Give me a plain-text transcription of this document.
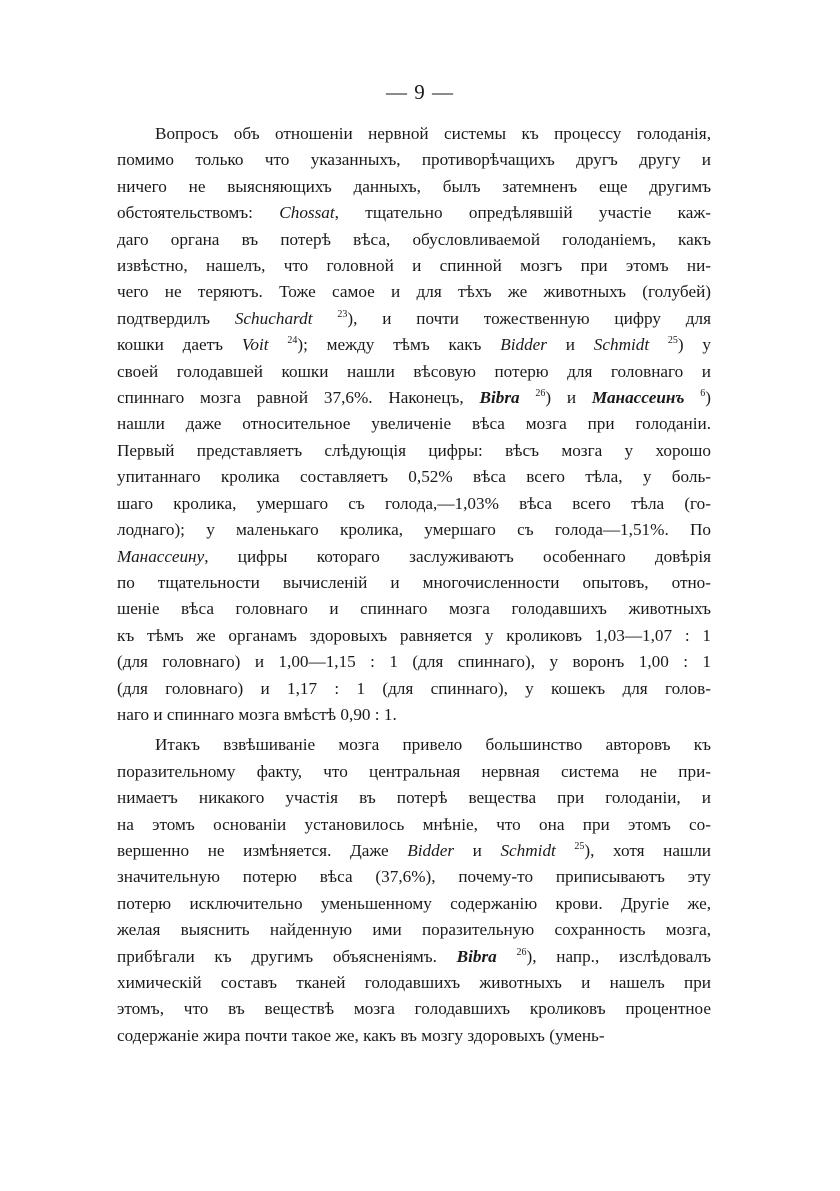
— 9 —

Вопросъ объ отношенiи нервной системы къ процессу голоданiя,
помимо только что указанныхъ, противорѣчащихъ другъ другу и
ничего не выясняющихъ данныхъ, былъ затемненъ еще другимъ
обстоятельствомъ: Chossat, тщательно опредѣлявшiй участiе каж-
даго органа въ потерѣ вѣса, обусловливаемой голоданiемъ, какъ
извѣстно, нашелъ, что головной и спинной мозгъ при этомъ ни-
чего не теряютъ. Тоже самое и для тѣхъ же животныхъ (голубей)
подтвердилъ Schuchardt $^{23}$), и почти тожественную цифру для
кошки даетъ Voit $^{24}$); между тѣмъ какъ Bidder и Schmidt $^{25}$) у
своей голодавшей кошки нашли вѣсовую потерю для головнаго и
спиннаго мозга равной 37,6%. Наконецъ, Bibra $^{26}$) и Манассеинъ $^6$)
нашли даже относительное увеличенiе вѣса мозга при голоданiи.
Первый представляетъ слѣдующiя цифры: вѣсъ мозга у хорошо
упитаннаго кролика составляетъ 0,52% вѣса всего тѣла, у боль-
шаго кролика, умершаго съ голода,—1,03% вѣса всего тѣла (го-
лоднаго); у маленькаго кролика, умершаго съ голода—1,51%. По
Манассеину, цифры котораго заслуживаютъ особеннаго довѣрiя
по тщательности вычисленiй и многочисленности опытовъ, отно-
шенiе вѣса головнаго и спиннаго мозга голодавшихъ животныхъ
къ тѣмъ же органамъ здоровыхъ равняется у кроликовъ 1,03—1,07 : 1
(для головнаго) и 1,00—1,15 : 1 (для спиннаго), у воронъ 1,00 : 1
(для головнаго) и 1,17 : 1 (для спиннаго), у кошекъ для голов-
наго и спиннаго мозга вмѣстѣ 0,90 : 1.

Итакъ взвѣшиванiе мозга привело большинство авторовъ къ
поразительному факту, что центральная нервная система не при-
нимаетъ никакого участiя въ потерѣ вещества при голоданiи, и
на этомъ основанiи установилось мнѣнiе, что она при этомъ со-
вершенно не измѣняется. Даже Bidder и Schmidt $^{25}$), хотя нашли
значительную потерю вѣса (37,6%), почему-то приписываютъ эту
потерю исключительно уменьшенному содержанiю крови. Другiе же,
желая выяснить найденную ими поразительную сохранность мозга,
прибѣгали къ другимъ объясненiямъ. Bibra $^{26}$), напр., изслѣдовалъ
химическiй составъ тканей голодавшихъ животныхъ и нашелъ при
этомъ, что въ веществѣ мозга голодавшихъ кроликовъ процентное
содержанiе жира почти такое же, какъ въ мозгу здоровыхъ (умень-
